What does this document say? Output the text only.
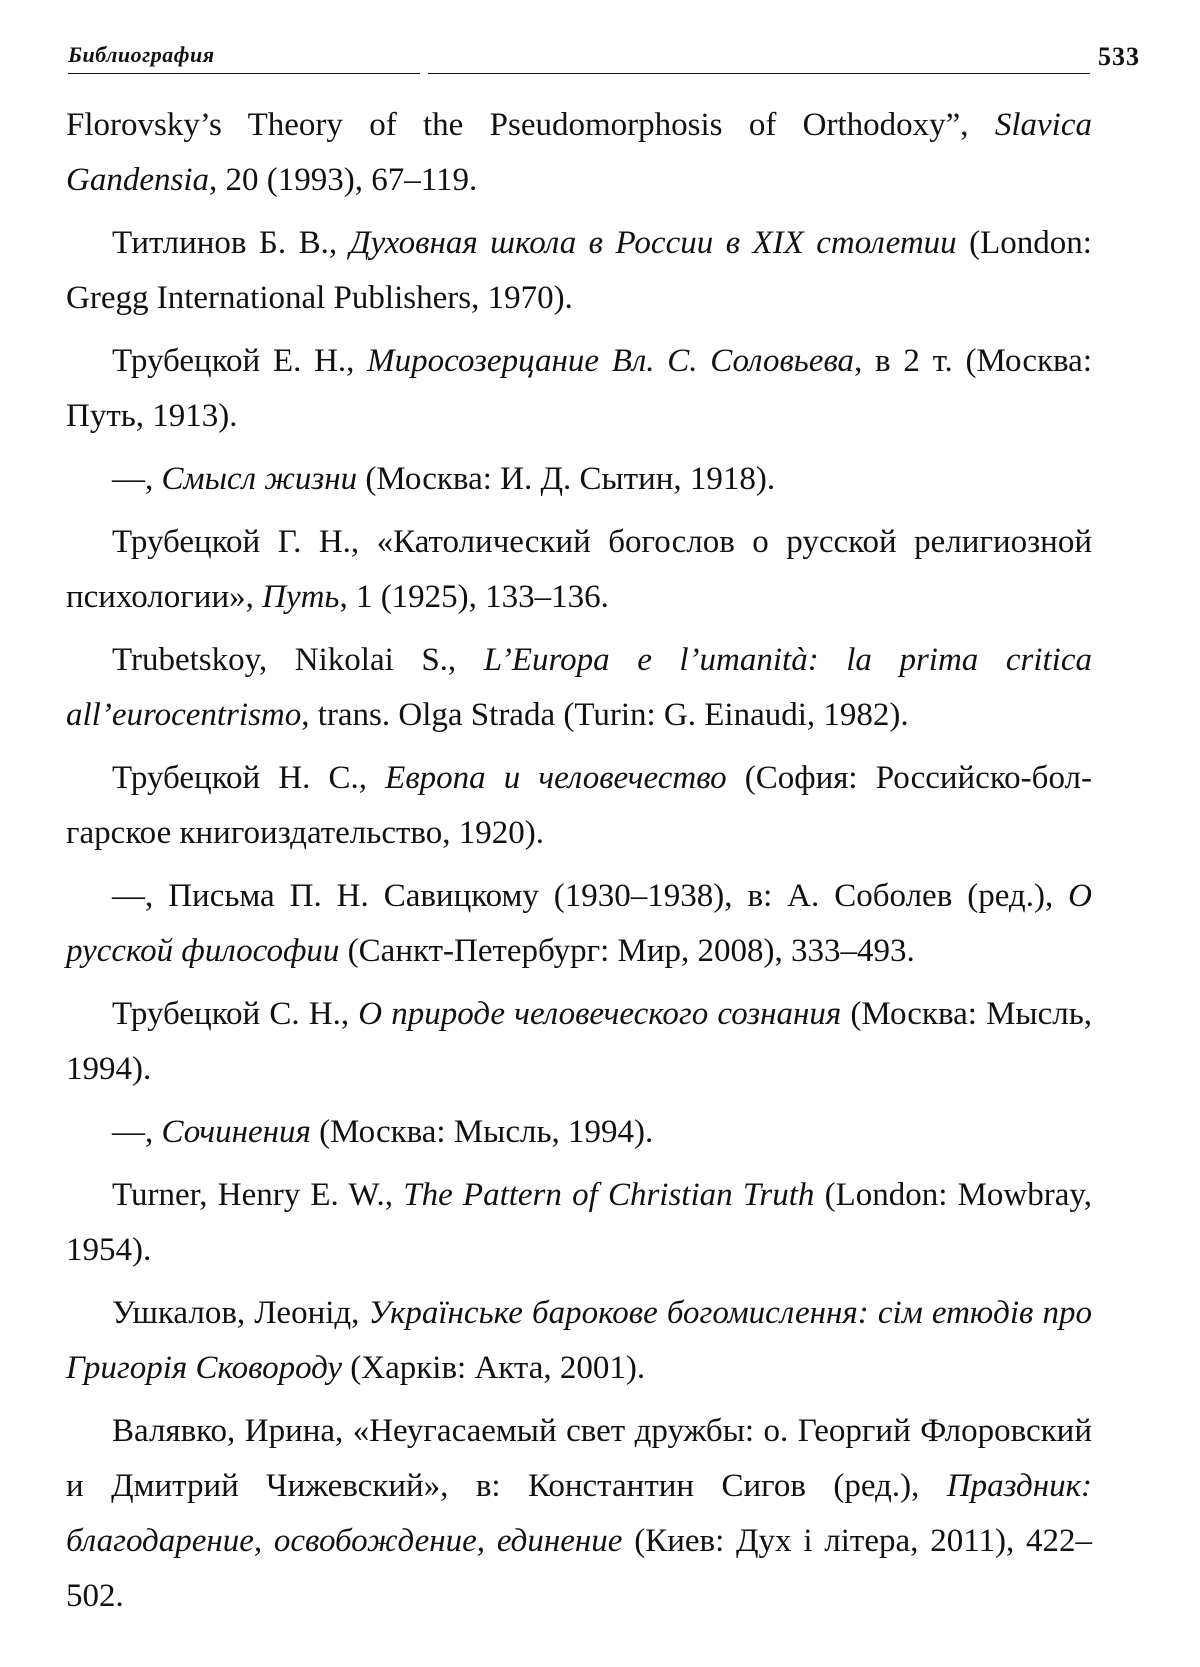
Библиография	533

Florovsky’s Theory of the Pseudomorphosis of Orthodoxy”, Slavica Gandensia, 20 (1993), 67–119.

Титлинов Б. В., Духовная школа в России в XIX столетии (London: Gregg International Publishers, 1970).

Трубецкой Е. Н., Миросозерцание Вл. С. Соловьева, в 2 т. (Москва: Путь, 1913).

––, Смысл жизни (Москва: И. Д. Сытин, 1918).

Трубецкой Г. Н., «Католический богослов о русской религиозной психологии», Путь, 1 (1925), 133–136.

Trubetskoy, Nikolai S., L’Europa e l’umanità: la prima critica all’eurocentrismo, trans. Olga Strada (Turin: G. Einaudi, 1982).

Трубецкой Н. С., Европа и человечество (София: Российско-болгарское книгоиздательство, 1920).

––, Письма П. Н. Савицкому (1930–1938), в: А. Соболев (ред.), О русской философии (Санкт-Петербург: Мир, 2008), 333–493.

Трубецкой С. Н., О природе человеческого сознания (Москва: Мысль, 1994).

––, Сочинения (Москва: Мысль, 1994).

Turner, Henry E. W., The Pattern of Christian Truth (London: Mowbray, 1954).

Ушкалов, Леонід, Українське барокове богомислення: сім етюдів про Григорія Сковороду (Харків: Акта, 2001).

Валявко, Ирина, «Неугасаемый свет дружбы: о. Георгий Флоровский и Дмитрий Чижевский», в: Константин Сигов (ред.), Праздник: благодарение, освобождение, единение (Киев: Дух і літера, 2011), 422–502.
